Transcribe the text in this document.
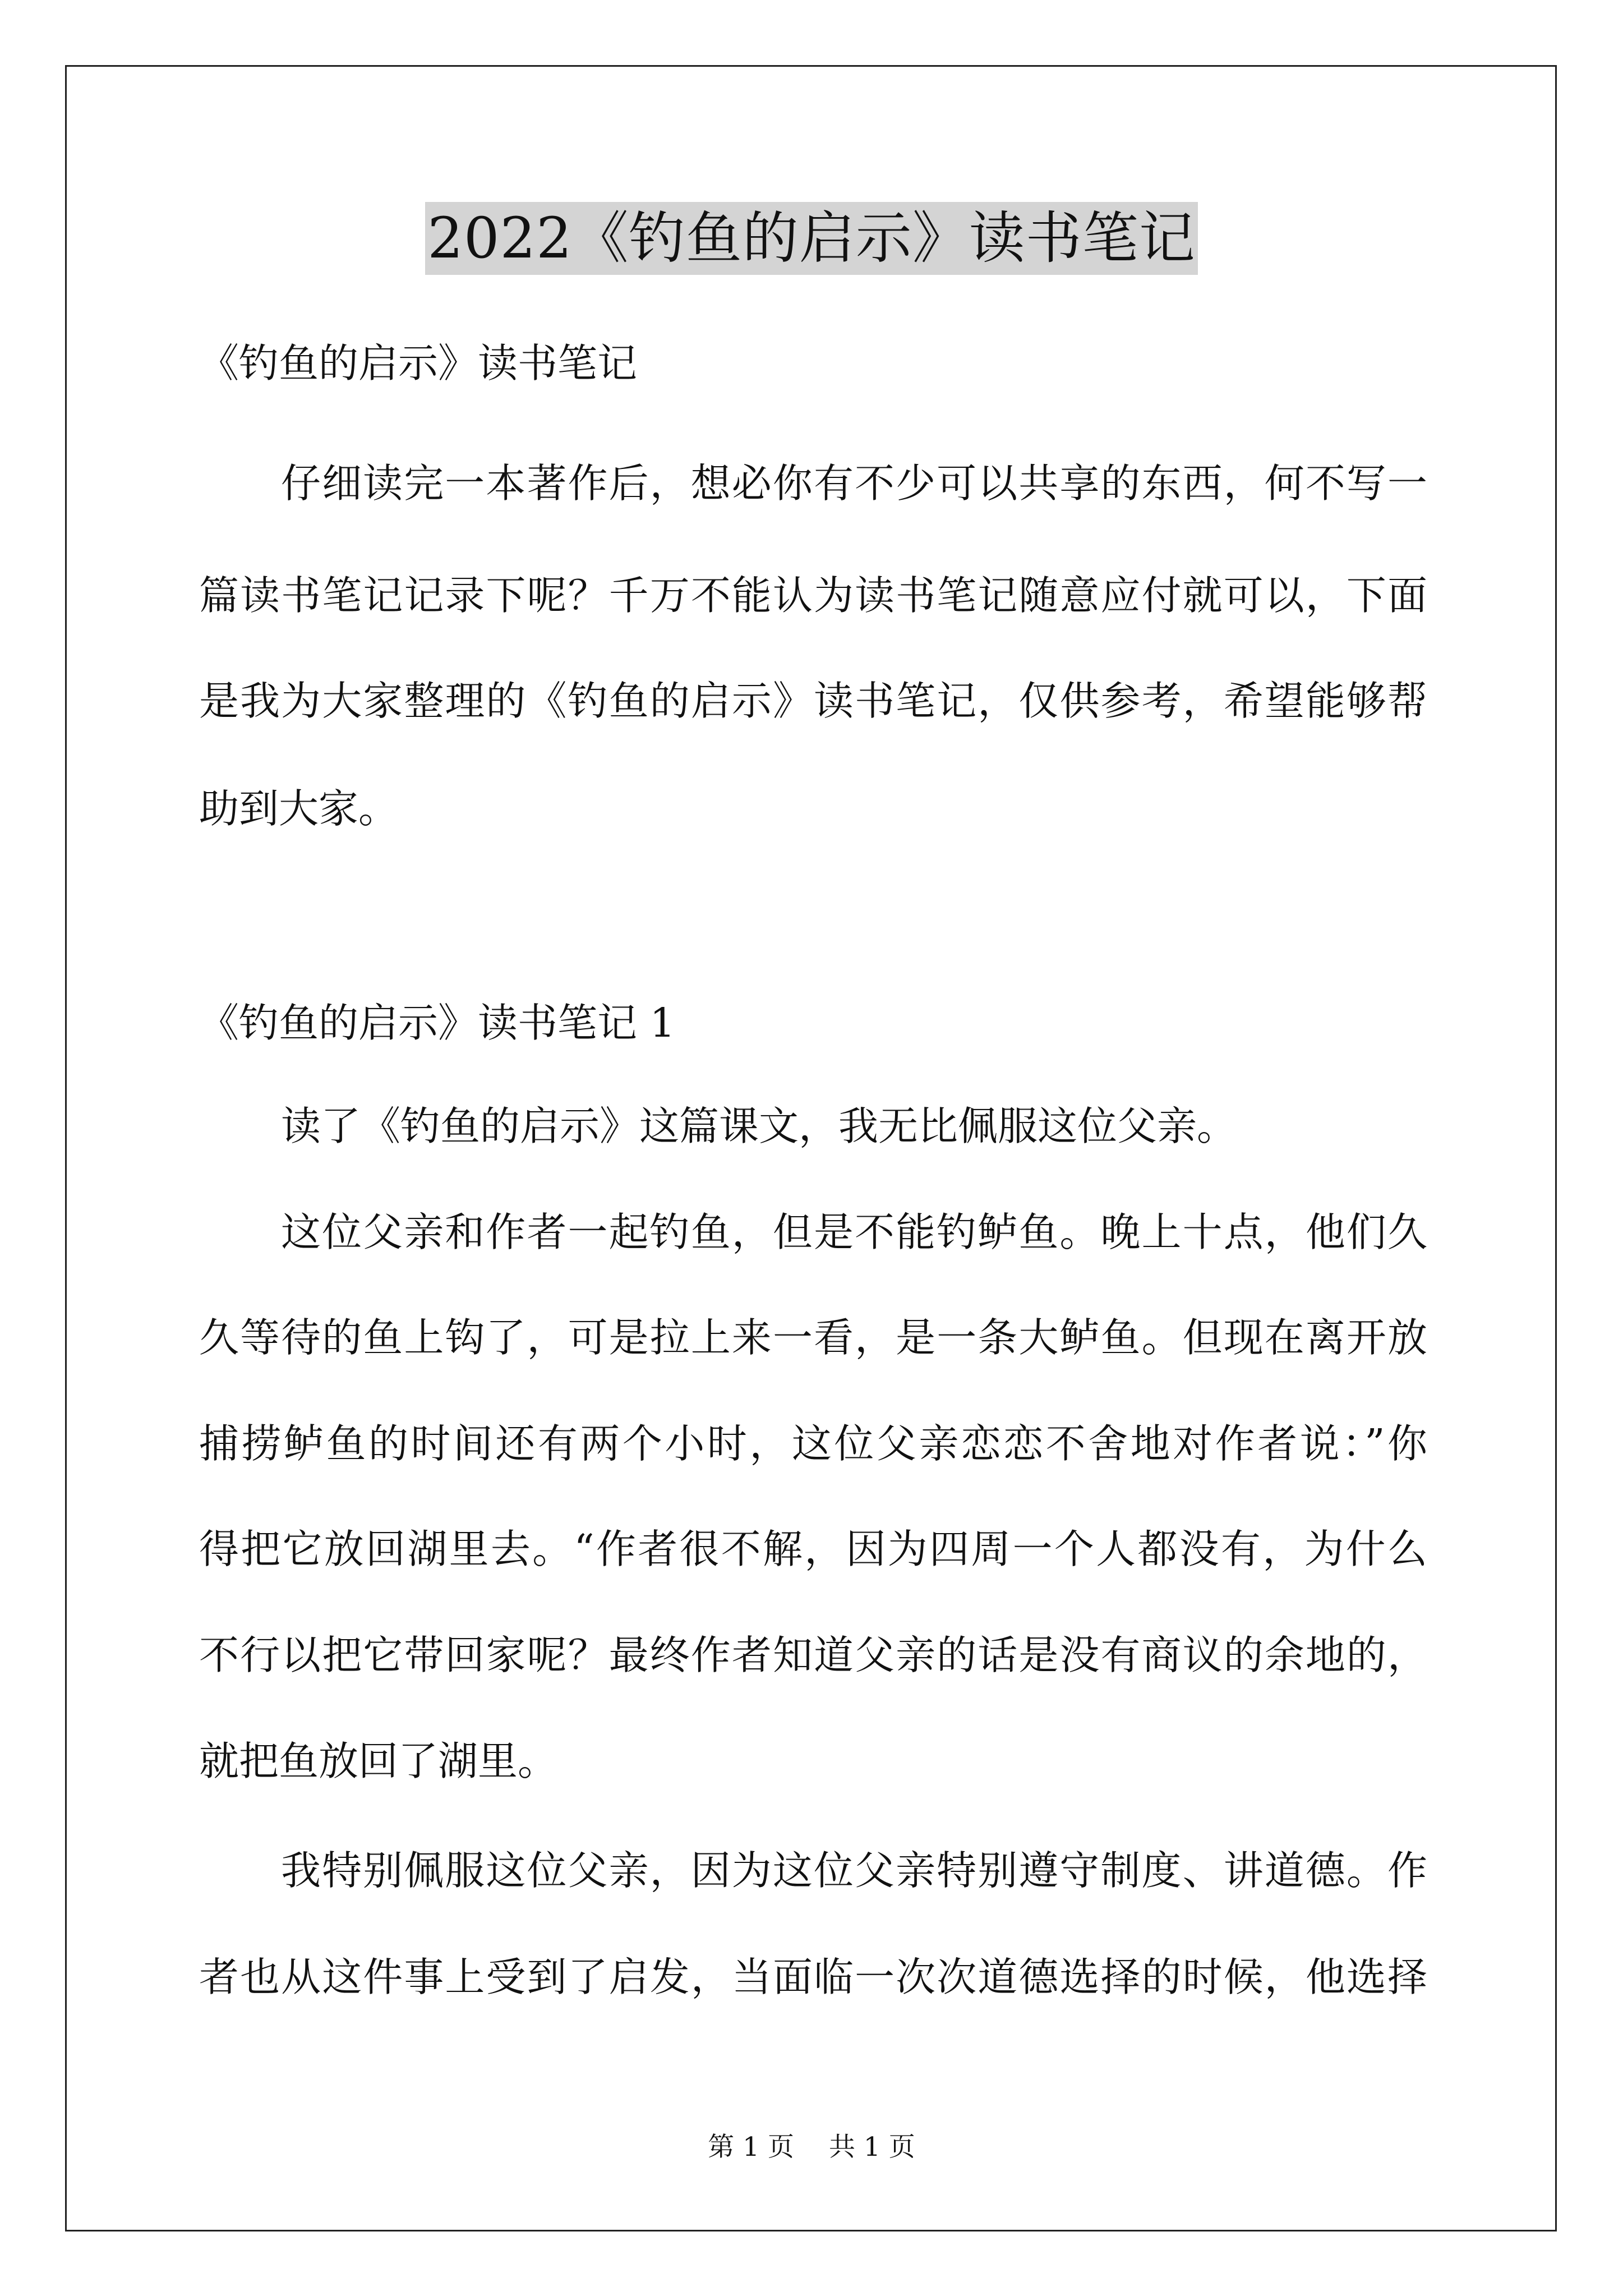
2022《钓鱼的启示》读书笔记
《钓鱼的启示》读书笔记
仔细读完一本著作后，想必你有不少可以共享的东西，何不写一
篇读书笔记记录下呢？千万不能认为读书笔记随意应付就可以，下面
是我为大家整理的《钓鱼的启示》读书笔记，仅供参考，希望能够帮
助到大家。
《钓鱼的启示》读书笔记 1
读了《钓鱼的启示》这篇课文，我无比佩服这位父亲。
这位父亲和作者一起钓鱼，但是不能钓鲈鱼。晚上十点，他们久
久等待的鱼上钩了，可是拉上来一看，是一条大鲈鱼。但现在离开放
捕捞鲈鱼的时间还有两个小时，这位父亲恋恋不舍地对作者说：”你
得把它放回湖里去。“作者很不解，因为四周一个人都没有，为什么
不行以把它带回家呢？最终作者知道父亲的话是没有商议的余地的，
就把鱼放回了湖里。
我特别佩服这位父亲，因为这位父亲特别遵守制度、讲道德。作
者也从这件事上受到了启发，当面临一次次道德选择的时候，他选择
第 1 页　 共 1 页
